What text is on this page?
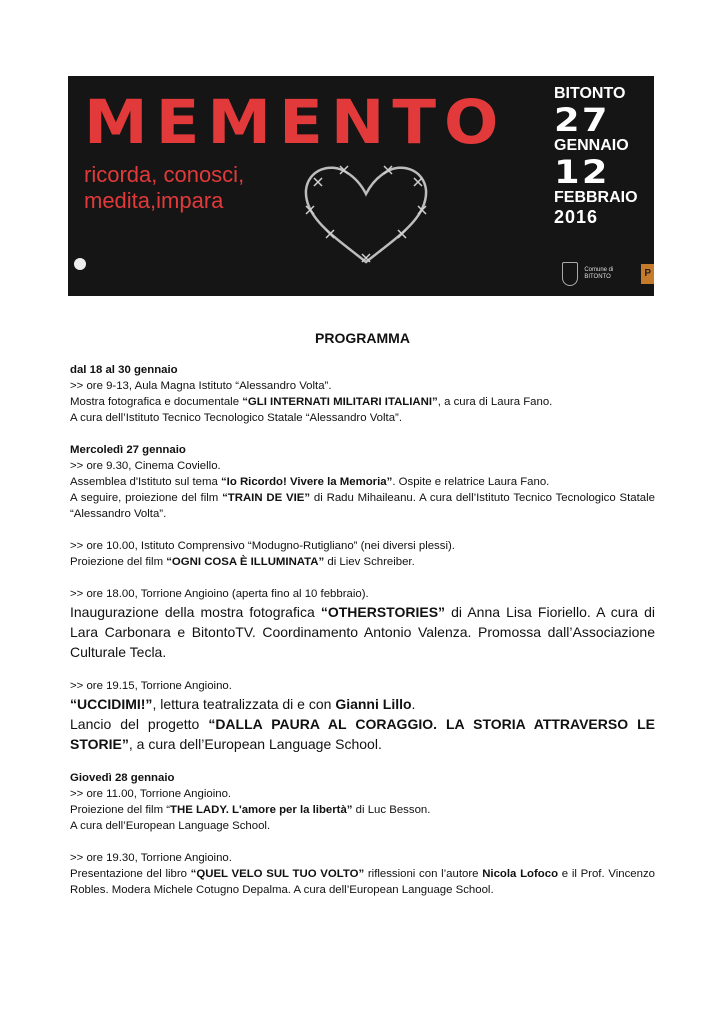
MEMENTO
ricorda, conosci,
medita,impara
BITONTO
27
GENNAIO
12
FEBBRAIO
2016
Comune di BITONTO	P
PROGRAMMA
dal 18 al 30 gennaio
>> ore 9-13, Aula Magna Istituto “Alessandro Volta”.
Mostra fotografica e documentale “GLI INTERNATI MILITARI ITALIANI”, a cura di Laura Fano.
A cura dell’Istituto Tecnico Tecnologico Statale “Alessandro Volta”.
Mercoledì 27 gennaio
>> ore 9.30, Cinema Coviello.
Assemblea d'Istituto sul tema “Io Ricordo! Vivere la Memoria”. Ospite e relatrice Laura Fano.
A seguire, proiezione del film “TRAIN DE VIE” di Radu Mihaileanu. A cura dell’Istituto Tecnico Tecnologico Statale “Alessandro Volta”.
>> ore 10.00, Istituto Comprensivo “Modugno-Rutigliano” (nei diversi plessi).
Proiezione del film “OGNI COSA È ILLUMINATA” di Liev Schreiber.
>> ore 18.00, Torrione Angioino (aperta fino al 10 febbraio).
Inaugurazione della mostra fotografica “OTHERSTORIES” di Anna Lisa Fioriello. A cura di Lara Carbonara e BitontoTV. Coordinamento Antonio Valenza. Promossa dall’Associazione Culturale Tecla.
>> ore 19.15, Torrione Angioino.
“UCCIDIMI!”, lettura teatralizzata di e con Gianni Lillo.
Lancio del progetto “DALLA PAURA AL CORAGGIO. LA STORIA ATTRAVERSO LE STORIE”, a cura dell’European Language School.
Giovedì 28 gennaio
>> ore 11.00, Torrione Angioino.
Proiezione del film “THE LADY. L'amore per la libertà” di Luc Besson.
A cura dell’European Language School.
>> ore 19.30, Torrione Angioino.
Presentazione del libro “QUEL VELO SUL TUO VOLTO” riflessioni con l’autore Nicola Lofoco e il Prof. Vincenzo Robles. Modera Michele Cotugno Depalma. A cura dell’European Language School.
